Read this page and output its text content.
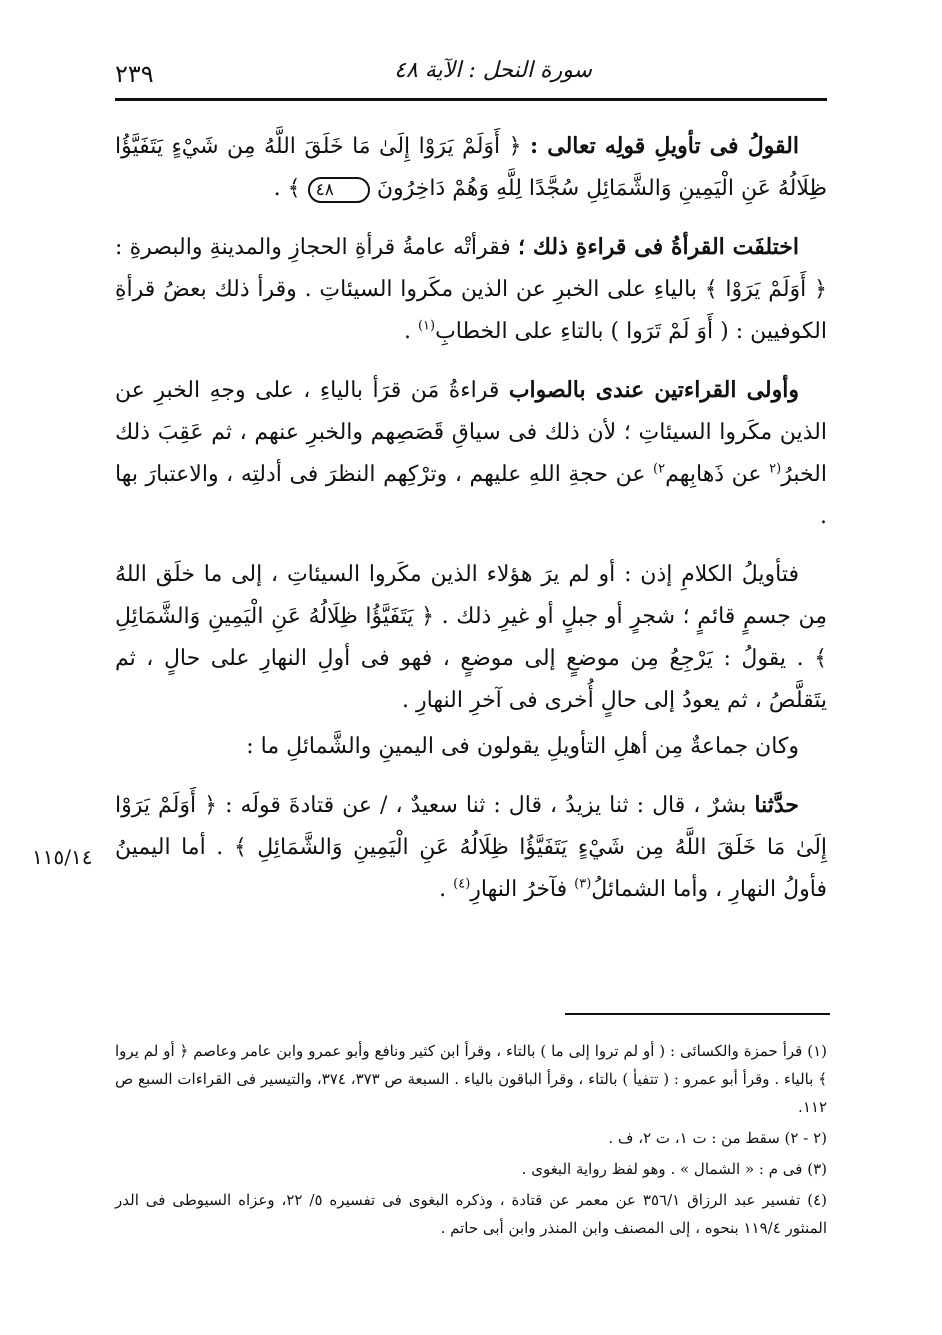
٢٣٩	سورة النحل : الآية ٤٨
١١٥/١٤

القولُ فى تأويلِ قولِه تعالى : ﴿ أَوَلَمْ يَرَوْا إِلَىٰ مَا خَلَقَ اللَّهُ مِن شَيْءٍ يَتَفَيَّؤُا ظِلَالُهُ عَنِ الْيَمِينِ وَالشَّمَائِلِ سُجَّدًا لِلَّهِ وَهُمْ دَاخِرُونَ ٤٨ ﴾ .

اختلفَت القرأةُ فى قراءةِ ذلك ؛ فقرأتْه عامةُ قرأةِ الحجازِ والمدينةِ والبصرةِ : ﴿ أَوَلَمْ يَرَوْا ﴾ بالياءِ على الخبرِ عن الذين مكَروا السيئاتِ . وقرأ ذلك بعضُ قرأةِ الكوفيين : ( أَوَ لَمْ تَرَوا ) بالتاءِ على الخطابِ$^{(١)}$ .

وأولى القراءتين عندى بالصواب قراءةُ مَن قرَأ بالياءِ ، على وجهِ الخبرِ عن الذين مكَروا السيئاتِ ؛ لأن ذلك فى سياقِ قَصَصِهم والخبرِ عنهم ، ثم عَقِبَ ذلك الخبرُ$^{(٢}$ عن ذَهابِهم$^{٢)}$ عن حجةِ اللهِ عليهم ، وترْكِهم النظرَ فى أدلتِه ، والاعتبارَ بها .

فتأويلُ الكلامِ إذن : أو لم يرَ هؤلاء الذين مكَروا السيئاتِ ، إلى ما خلَق اللهُ مِن جسمٍ قائمٍ ؛ شجرٍ أو جبلٍ أو غيرِ ذلك . ﴿ يَتَفَيَّؤُا ظِلَالُهُ عَنِ الْيَمِينِ وَالشَّمَائِلِ ﴾ . يقولُ : يَرْجِعُ مِن موضعٍ إلى موضعٍ ، فهو فى أولِ النهارِ على حالٍ ، ثم يتَقلَّصُ ، ثم يعودُ إلى حالٍ أُخرى فى آخرِ النهارِ .

وكان جماعةٌ مِن أهلِ التأويلِ يقولون فى اليمينِ والشَّمائلِ ما :

حدَّثنا بشرٌ ، قال : ثنا يزيدُ ، قال : ثنا سعيدٌ ، / عن قتادةَ قولَه : ﴿ أَوَلَمْ يَرَوْا إِلَىٰ مَا خَلَقَ اللَّهُ مِن شَيْءٍ يَتَفَيَّؤُا ظِلَالُهُ عَنِ الْيَمِينِ وَالشَّمَائِلِ ﴾ . أما اليمينُ فأولُ النهارِ ، وأما الشمائلُ$^{(٣)}$ فآخرُ النهارِ$^{(٤)}$ .

(١) قرأ حمزة والكسائى : ( أو لم تروا إلى ما ) بالتاء ، وقرأ ابن كثير ونافع وأبو عمرو وابن عامر وعاصم ﴿ أو لم يروا ﴾ بالياء . وقرأ أبو عمرو : ( تتفيأ ) بالتاء ، وقرأ الباقون بالياء . السبعة ص ٣٧٣، ٣٧٤، والتيسير فى القراءات السبع ص ١١٢.

(٢ - ٢) سقط من : ت ١، ت ٢، ف .

(٣) فى م : « الشمال » . وهو لفظ رواية البغوى .

(٤) تفسير عبد الرزاق ٣٥٦/١ عن معمر عن قتادة ، وذكره البغوى فى تفسيره ٥/ ٢٢، وعزاه السيوطى فى الدر المنثور ١١٩/٤ بنحوه ، إلى المصنف وابن المنذر وابن أبى حاتم .
